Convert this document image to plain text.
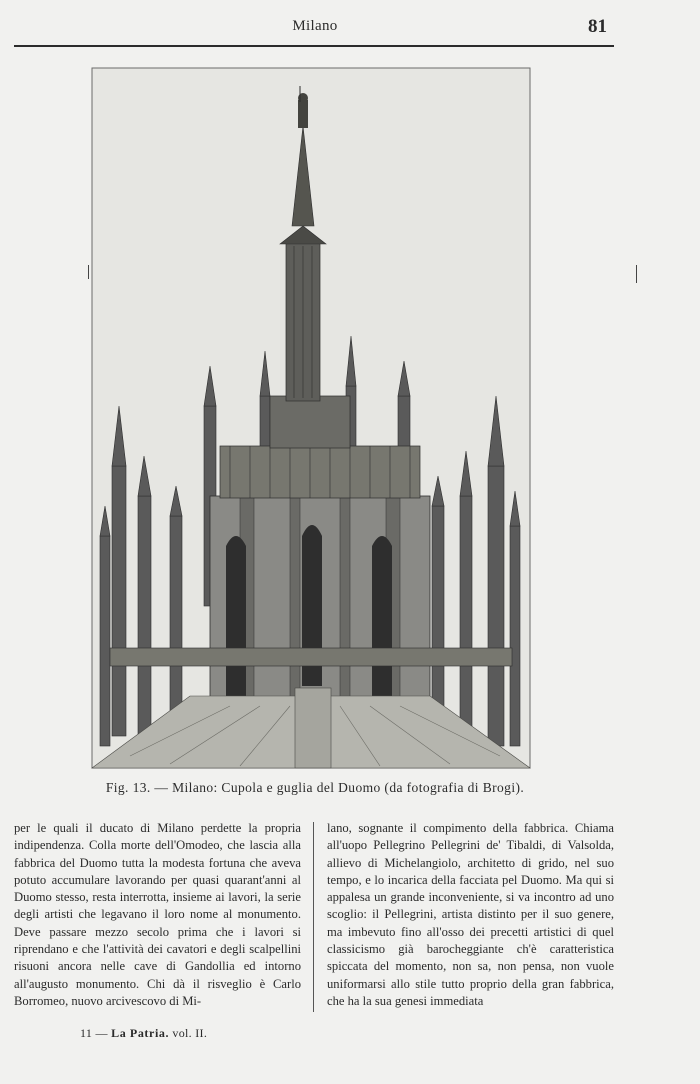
Milano	81
Fig. 13. — Milano: Cupola e guglia del Duomo (da fotografia di Brogi).

per le quali il ducato di Milano perdette la propria indipendenza. Colla morte dell'Omodeo, che lascia alla fabbrica del Duomo tutta la modesta fortuna che aveva potuto accumulare lavorando per quasi quarant'anni al Duomo stesso, resta interrotta, insieme ai lavori, la serie degli artisti che legavano il loro nome al monumento. Deve passare mezzo secolo prima che i lavori si riprendano e che l'attività dei cavatori e degli scalpellini risuoni ancora nelle cave di Gandollia ed intorno all'augusto monumento. Chi dà il risveglio è Carlo Borromeo, nuovo arcivescovo di Mi-

lano, sognante il compimento della fabbrica. Chiama all'uopo Pellegrino Pellegrini de' Tibaldi, di Valsolda, allievo di Michelangiolo, architetto di grido, nel suo tempo, e lo incarica della facciata pel Duomo. Ma qui si appalesa un grande inconveniente, si va incontro ad uno scoglio: il Pellegrini, artista distinto per il suo genere, ma imbevuto fino all'osso dei precetti artistici di quel classicismo già barocheggiante ch'è caratteristica spiccata del momento, non sa, non pensa, non vuole uniformarsi allo stile tutto proprio della gran fabbrica, che ha la sua genesi immediata

11 — La Patria. vol. II.
